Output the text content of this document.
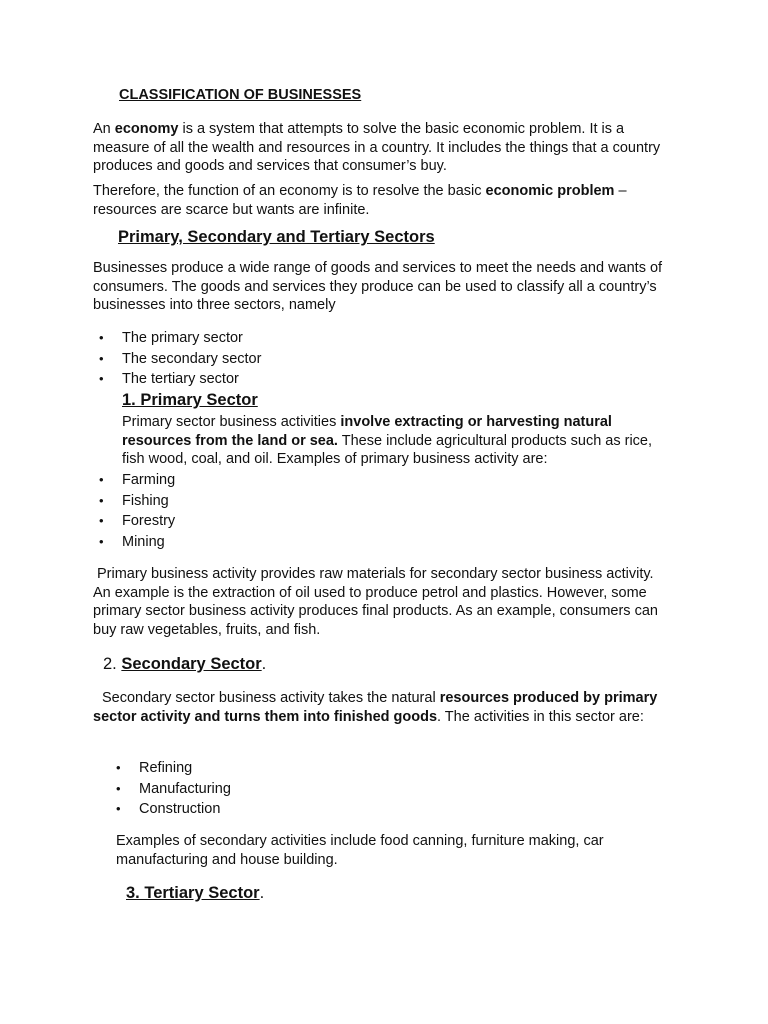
CLASSIFICATION OF BUSINESSES

An economy is a system that attempts to solve the basic economic problem. It is a measure of all the wealth and resources in a country. It includes the things that a country produces and goods and services that consumer’s buy.

Therefore, the function of an economy is to resolve the basic economic problem – resources are scarce but wants are infinite.

Primary, Secondary and Tertiary Sectors

Businesses produce a wide range of goods and services to meet the needs and wants of consumers. The goods and services they produce can be used to classify all a country’s businesses into three sectors, namely

• The primary sector
• The secondary sector
• The tertiary sector

1. Primary Sector

Primary sector business activities involve extracting or harvesting natural resources from the land or sea. These include agricultural products such as rice, fish wood, coal, and oil. Examples of primary business activity are:

• Farming
• Fishing
• Forestry
• Mining

Primary business activity provides raw materials for secondary sector business activity. An example is the extraction of oil used to produce petrol and plastics. However, some primary sector business activity produces final products. As an example, consumers can buy raw vegetables, fruits, and fish.

2. Secondary Sector.

Secondary sector business activity takes the natural resources produced by primary sector activity and turns them into finished goods. The activities in this sector are:

• Refining
• Manufacturing
• Construction

Examples of secondary activities include food canning, furniture making, car manufacturing and house building.

3. Tertiary Sector.
